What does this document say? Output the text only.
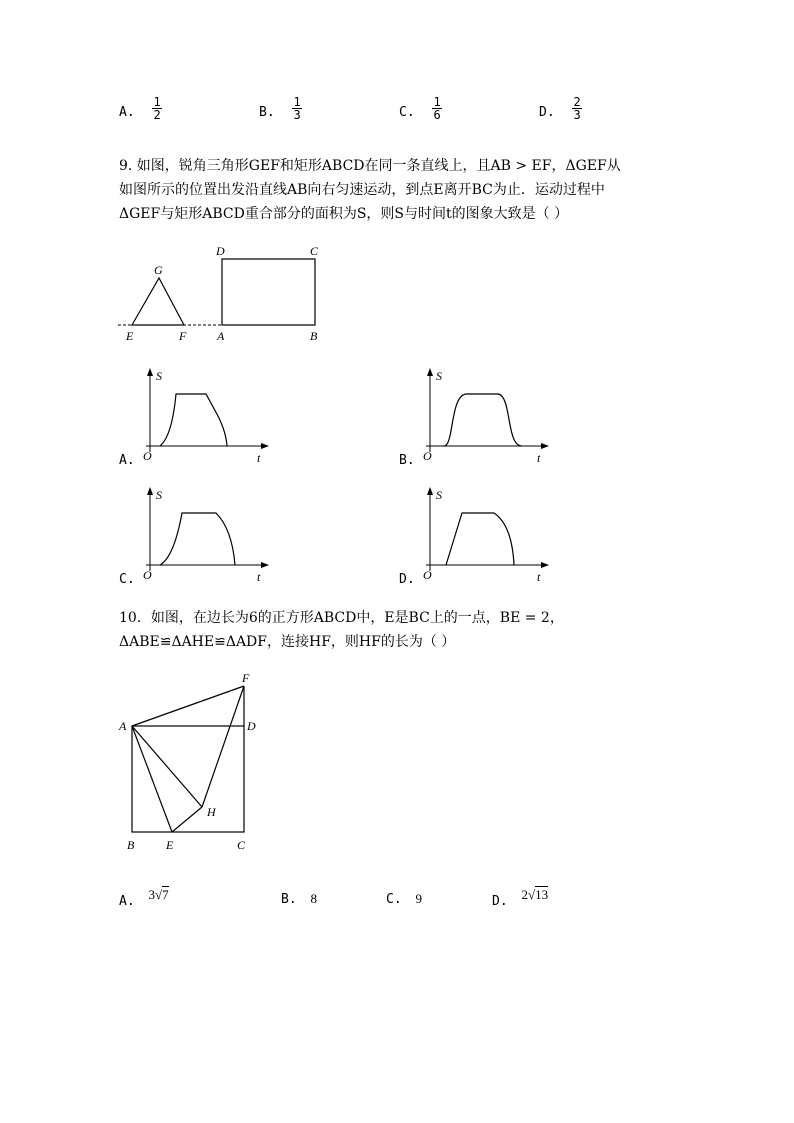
A. $\frac{1}{2}$	B. $\frac{1}{3}$	C. $\frac{1}{6}$	D. $\frac{2}{3}$
9. 如图，锐角三角形GEF和矩形ABCD在同一条直线上，且AB > EF，ΔGEF从
如图所示的位置出发沿直线AB向右匀速运动，到点E离开BC为止．运动过程中
ΔGEF与矩形ABCD重合部分的面积为S，则S与时间t的图象大致是（ ）
G
E	F	A	B
D	C
A.
S
t
O	B.
S
t
O
C.
S
t
O	D.
S
t
O
10．如图，在边长为6的正方形ABCD中，E是BC上的一点，BE = 2，
ΔABE≌ΔAHE≌ΔADF，连接HF，则HF的长为（ ）
A	D
F
H
B	E	C
A. 3√7	B. 8	C. 9	D. 2√13
